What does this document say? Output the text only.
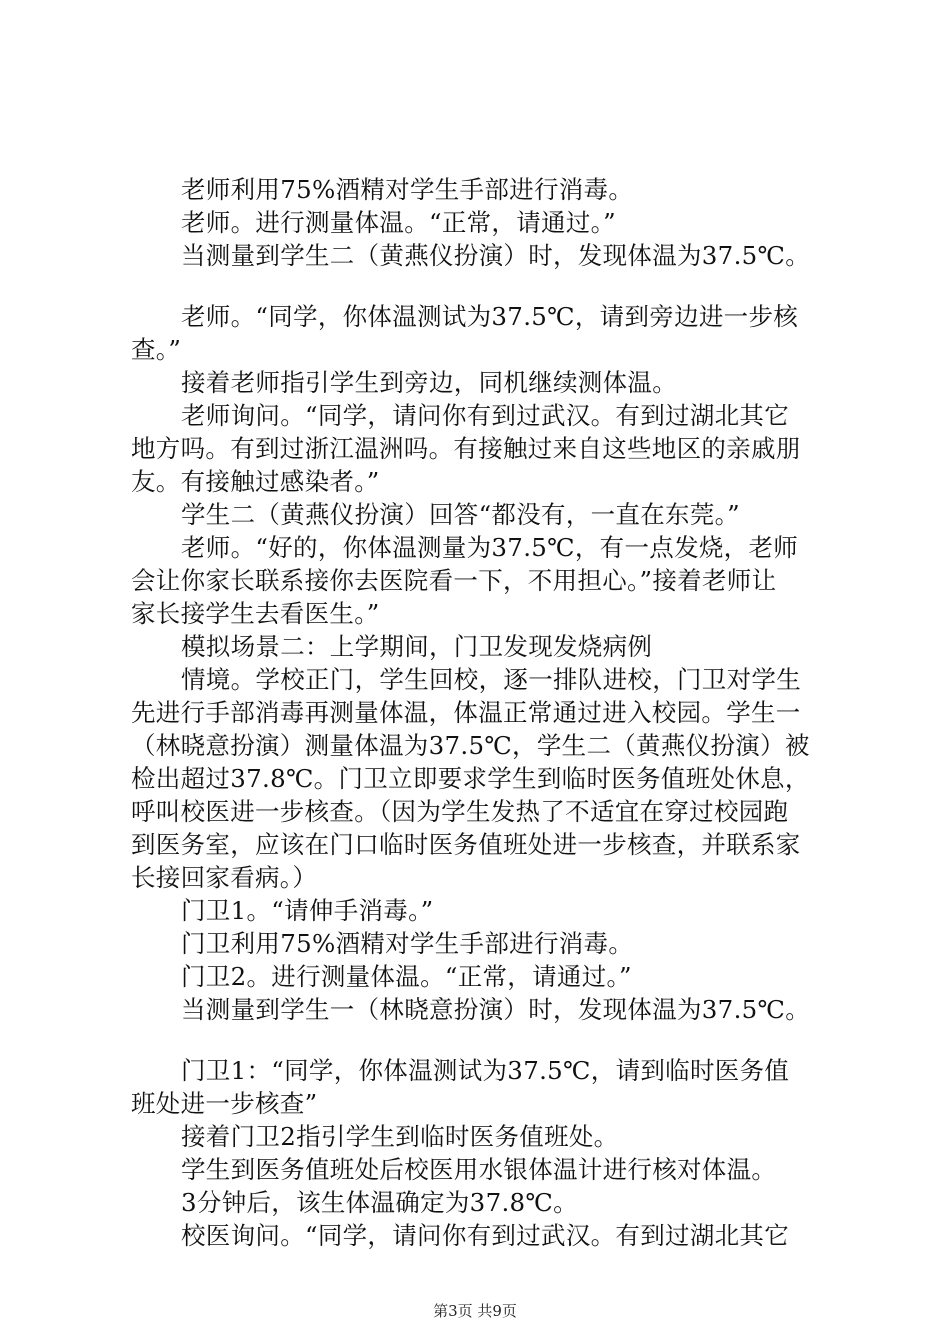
老师利用75%酒精对学生手部进行消毒。
老师。进行测量体温。“正常，请通过。”
当测量到学生二（黄燕仪扮演）时，发现体温为37.5℃。
老师。“同学，你体温测试为37.5℃，请到旁边进一步核
查。”
接着老师指引学生到旁边，同机继续测体温。
老师询问。“同学，请问你有到过武汉。有到过湖北其它
地方吗。有到过浙江温洲吗。有接触过来自这些地区的亲戚朋
友。有接触过感染者。”
学生二（黄燕仪扮演）回答“都没有，一直在东莞。”
老师。“好的，你体温测量为37.5℃，有一点发烧，老师
会让你家长联系接你去医院看一下，不用担心。”接着老师让
家长接学生去看医生。”
模拟场景二：上学期间，门卫发现发烧病例
情境。学校正门，学生回校，逐一排队进校，门卫对学生
先进行手部消毒再测量体温，体温正常通过进入校园。学生一
（林晓意扮演）测量体温为37.5℃，学生二（黄燕仪扮演）被
检出超过37.8℃。门卫立即要求学生到临时医务值班处休息，
呼叫校医进一步核查。（因为学生发热了不适宜在穿过校园跑
到医务室，应该在门口临时医务值班处进一步核查，并联系家
长接回家看病。）
门卫1。“请伸手消毒。”
门卫利用75%酒精对学生手部进行消毒。
门卫2。进行测量体温。“正常，请通过。”
当测量到学生一（林晓意扮演）时，发现体温为37.5℃。
门卫1：“同学，你体温测试为37.5℃，请到临时医务值
班处进一步核查”
接着门卫2指引学生到临时医务值班处。
学生到医务值班处后校医用水银体温计进行核对体温。
3分钟后，该生体温确定为37.8℃。
校医询问。“同学，请问你有到过武汉。有到过湖北其它
第3页 共9页
